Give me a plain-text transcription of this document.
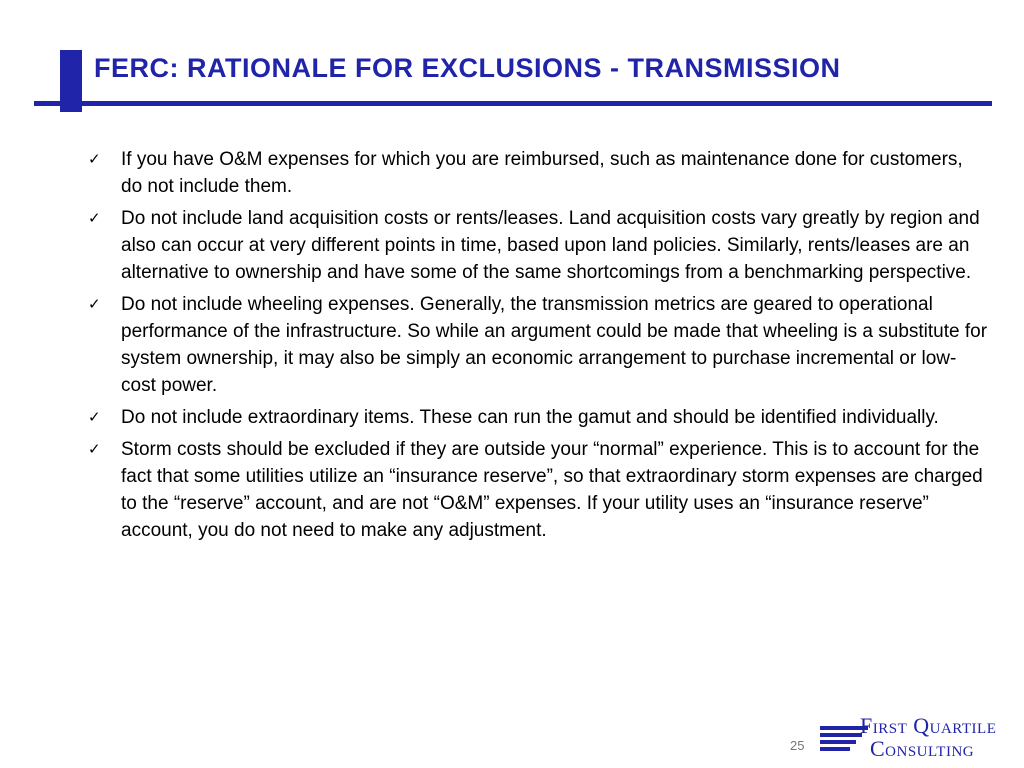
FERC: RATIONALE FOR EXCLUSIONS - TRANSMISSION
✓ If you have O&M expenses for which you are reimbursed, such as maintenance done for customers, do not include them.
✓ Do not include land acquisition costs or rents/leases. Land acquisition costs vary greatly by region and also can occur at very different points in time, based upon land policies. Similarly, rents/leases are an alternative to ownership and have some of the same shortcomings from a benchmarking perspective.
✓ Do not include wheeling expenses. Generally, the transmission metrics are geared to operational performance of the infrastructure. So while an argument could be made that wheeling is a substitute for system ownership, it may also be simply an economic arrangement to purchase incremental or low-cost power.
✓ Do not include extraordinary items. These can run the gamut and should be identified individually.
✓ Storm costs should be excluded if they are outside your “normal” experience. This is to account for the fact that some utilities utilize an “insurance reserve”, so that extraordinary storm expenses are charged to the “reserve” account, and are not “O&M” expenses. If your utility uses an “insurance reserve” account, you do not need to make any adjustment.
25
First Quartile
Consulting
